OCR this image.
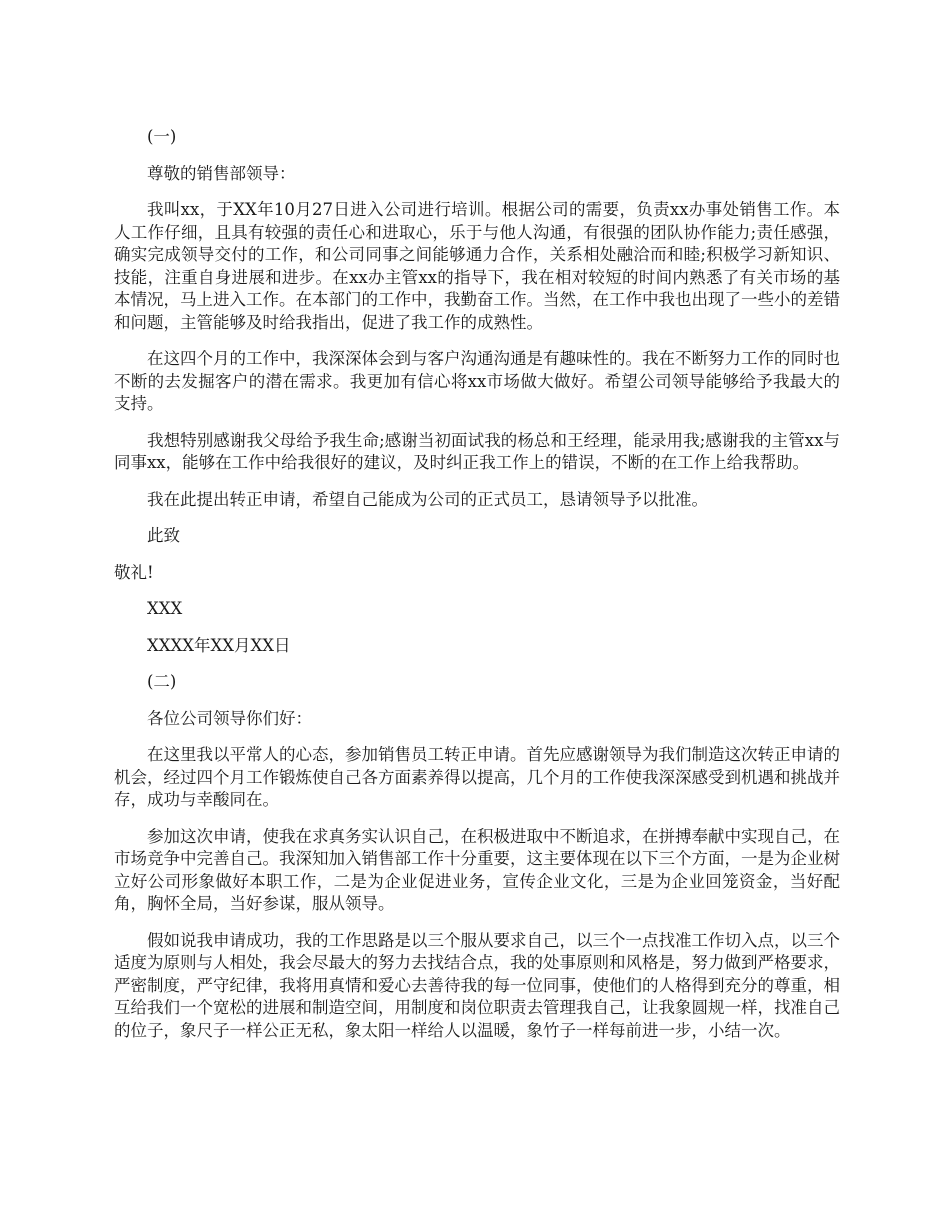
(一)

尊敬的销售部领导：

我叫xx，于XX年10月27日进入公司进行培训。根据公司的需要，负责xx办事处销售工作。本人工作仔细，且具有较强的责任心和进取心，乐于与他人沟通，有很强的团队协作能力;责任感强，确实完成领导交付的工作，和公司同事之间能够通力合作，关系相处融洽而和睦;积极学习新知识、技能，注重自身进展和进步。在xx办主管xx的指导下，我在相对较短的时间内熟悉了有关市场的基本情况，马上进入工作。在本部门的工作中，我勤奋工作。当然，在工作中我也出现了一些小的差错和问题，主管能够及时给我指出，促进了我工作的成熟性。

在这四个月的工作中，我深深体会到与客户沟通沟通是有趣味性的。我在不断努力工作的同时也不断的去发掘客户的潜在需求。我更加有信心将xx市场做大做好。希望公司领导能够给予我最大的支持。

我想特别感谢我父母给予我生命;感谢当初面试我的杨总和王经理，能录用我;感谢我的主管xx与同事xx，能够在工作中给我很好的建议，及时纠正我工作上的错误，不断的在工作上给我帮助。

我在此提出转正申请，希望自己能成为公司的正式员工，恳请领导予以批准。

此致

敬礼!

XXX

XXXX年XX月XX日

(二)

各位公司领导你们好：

在这里我以平常人的心态，参加销售员工转正申请。首先应感谢领导为我们制造这次转正申请的机会，经过四个月工作锻炼使自己各方面素养得以提高，几个月的工作使我深深感受到机遇和挑战并存，成功与幸酸同在。

参加这次申请，使我在求真务实认识自己，在积极进取中不断追求，在拼搏奉献中实现自己，在市场竞争中完善自己。我深知加入销售部工作十分重要，这主要体现在以下三个方面，一是为企业树立好公司形象做好本职工作，二是为企业促进业务，宣传企业文化，三是为企业回笼资金，当好配角，胸怀全局，当好参谋，服从领导。

假如说我申请成功，我的工作思路是以三个服从要求自己，以三个一点找准工作切入点，以三个适度为原则与人相处，我会尽最大的努力去找结合点，我的处事原则和风格是，努力做到严格要求，严密制度，严守纪律，我将用真情和爱心去善待我的每一位同事，使他们的人格得到充分的尊重，相互给我们一个宽松的进展和制造空间，用制度和岗位职责去管理我自己，让我象圆规一样，找准自己的位子，象尺子一样公正无私，象太阳一样给人以温暖，象竹子一样每前进一步，小结一次。
